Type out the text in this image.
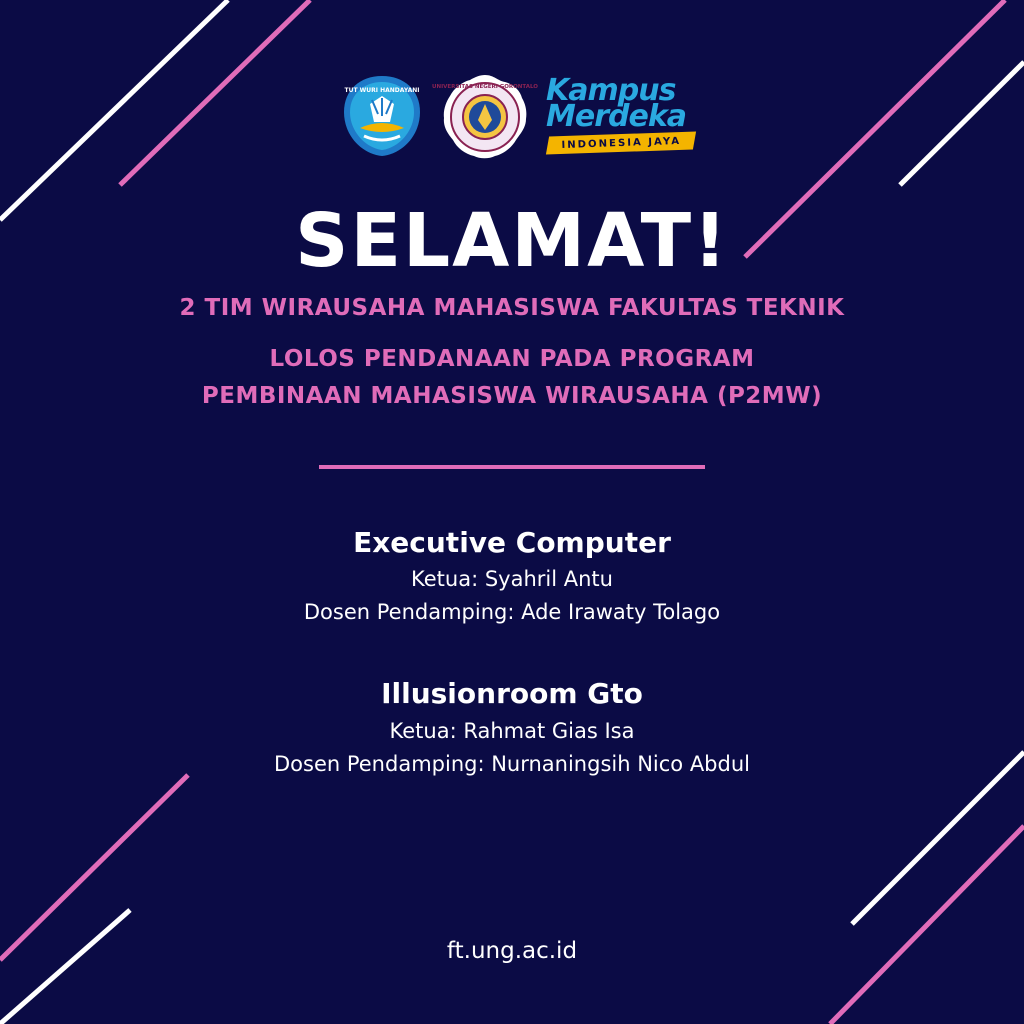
TUT WURI HANDAYANI UNIVERSITAS NEGERI GORONTALO Kampus
Merdeka
INDONESIA JAYA
SELAMAT!
2 TIM WIRAUSAHA MAHASISWA FAKULTAS TEKNIK
LOLOS PENDANAAN PADA PROGRAM
PEMBINAAN MAHASISWA WIRAUSAHA (P2MW)
Executive Computer
Ketua: Syahril Antu
Dosen Pendamping: Ade Irawaty Tolago
Illusionroom Gto
Ketua: Rahmat Gias Isa
Dosen Pendamping: Nurnaningsih Nico Abdul
ft.ung.ac.id
